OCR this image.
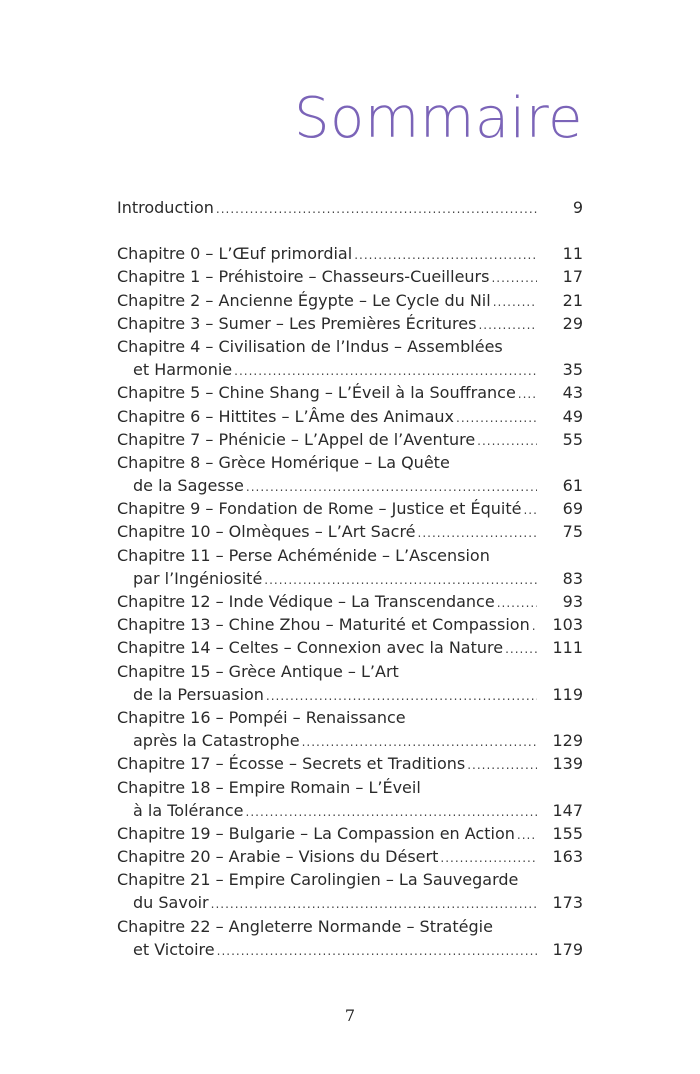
Sommaire
Introduction .....	9
Chapitre 0 – L’Œuf primordial .....	11
Chapitre 1 – Préhistoire – Chasseurs-Cueilleurs .....	17
Chapitre 2 – Ancienne Égypte – Le Cycle du Nil .....	21
Chapitre 3 – Sumer – Les Premières Écritures .....	29
Chapitre 4 – Civilisation de l’Indus – Assemblées
et Harmonie .....	35
Chapitre 5 – Chine Shang – L’Éveil à la Souffrance .....	43
Chapitre 6 – Hittites – L’Âme des Animaux .....	49
Chapitre 7 – Phénicie – L’Appel de l’Aventure .....	55
Chapitre 8 – Grèce Homérique – La Quête
de la Sagesse .....	61
Chapitre 9 – Fondation de Rome – Justice et Équité .....	69
Chapitre 10 – Olmèques – L’Art Sacré .....	75
Chapitre 11 – Perse Achéménide – L’Ascension
par l’Ingéniosité .....	83
Chapitre 12 – Inde Védique – La Transcendance .....	93
Chapitre 13 – Chine Zhou – Maturité et Compassion .....	103
Chapitre 14 – Celtes – Connexion avec la Nature .....	111
Chapitre 15 – Grèce Antique – L’Art
de la Persuasion .....	119
Chapitre 16 – Pompéi – Renaissance
après la Catastrophe .....	129
Chapitre 17 – Écosse – Secrets et Traditions .....	139
Chapitre 18 – Empire Romain – L’Éveil
à la Tolérance .....	147
Chapitre 19 – Bulgarie – La Compassion en Action .....	155
Chapitre 20 – Arabie – Visions du Désert .....	163
Chapitre 21 – Empire Carolingien – La Sauvegarde
du Savoir .....	173
Chapitre 22 – Angleterre Normande – Stratégie
et Victoire .....	179
7
